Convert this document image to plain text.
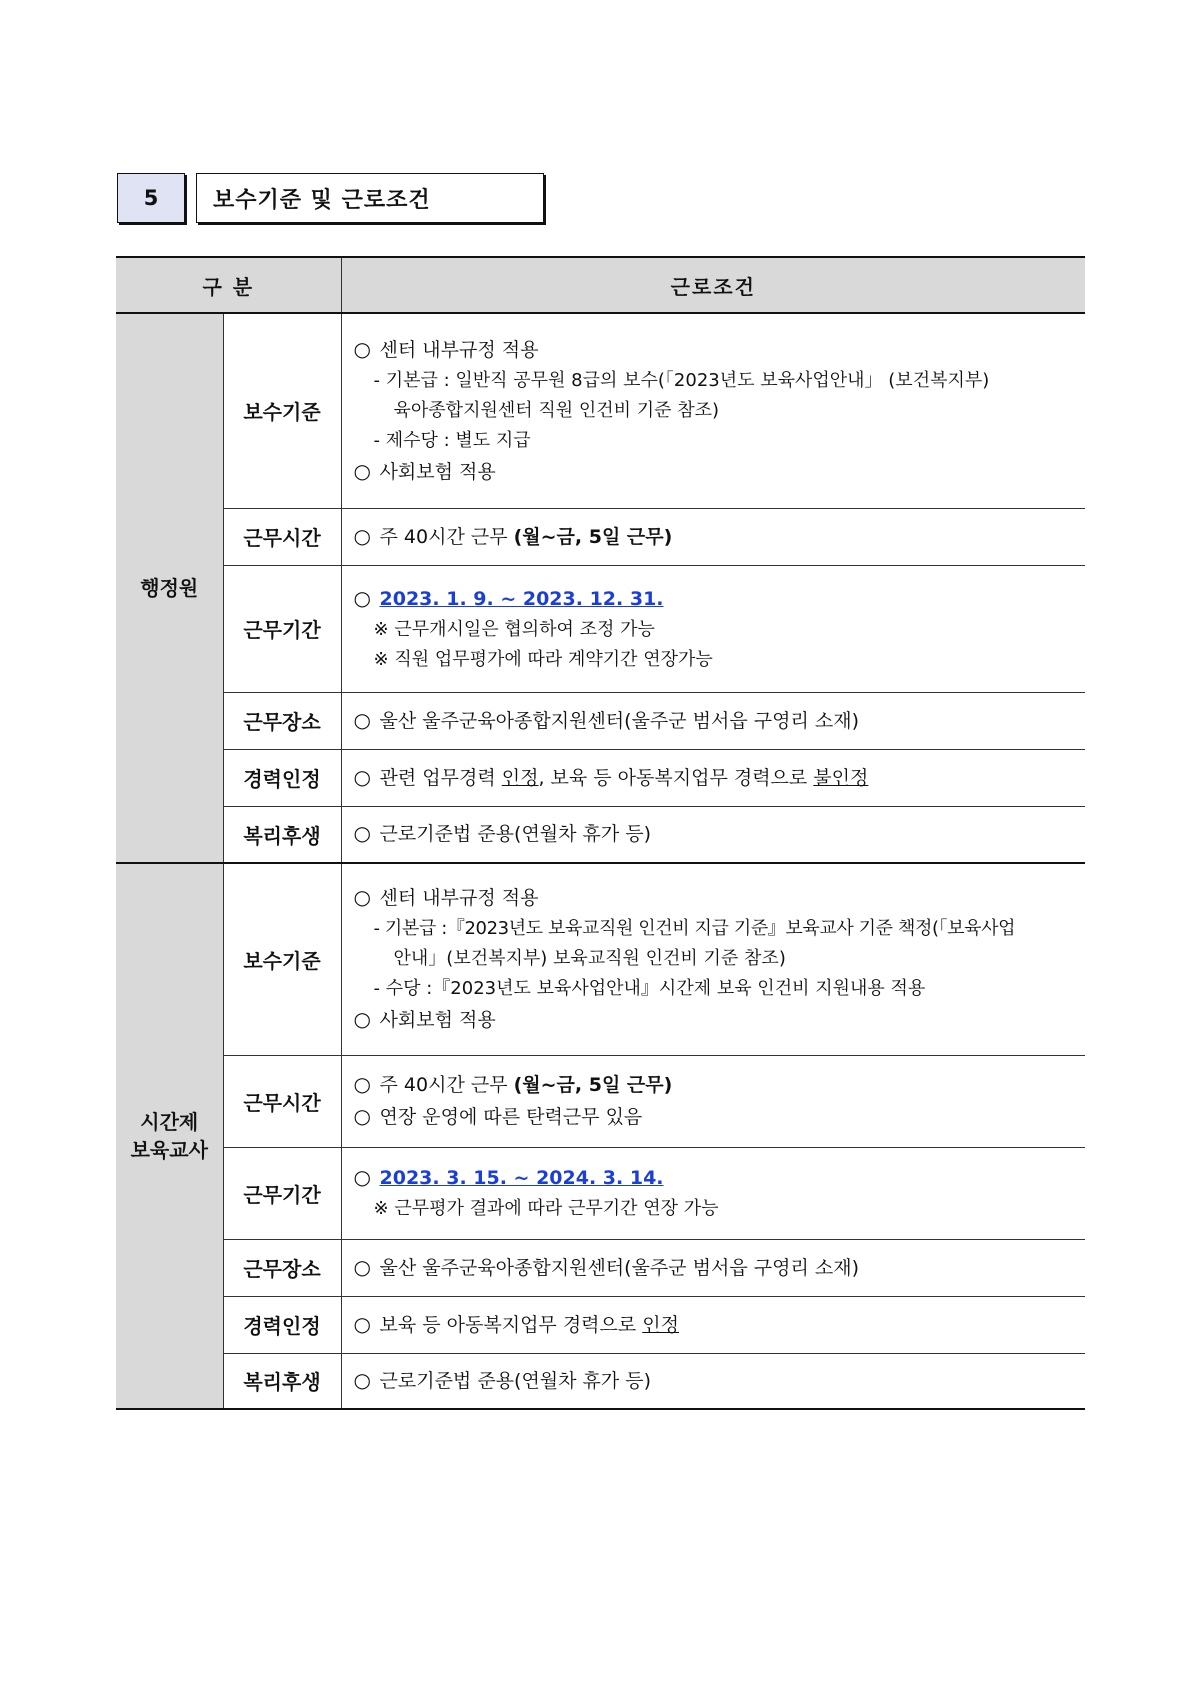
5	보수기준 및 근로조건
구 분		근로조건
행정원	보수기준	○ 센터 내부규정 적용
- 기본급 : 일반직 공무원 8급의 보수(「2023년도 보육사업안내」 (보건복지부)
육아종합지원센터 직원 인건비 기준 참조)
- 제수당 : 별도 지급
○ 사회보험 적용

	근무시간	○ 주 40시간 근무 (월~금, 5일 근무)

	근무기간	○ 2023. 1. 9. ~ 2023. 12. 31.
※ 근무개시일은 협의하여 조정 가능
※ 직원 업무평가에 따라 계약기간 연장가능

	근무장소	○ 울산 울주군육아종합지원센터(울주군 범서읍 구영리 소재)

	경력인정	○ 관련 업무경력 인정, 보육 등 아동복지업무 경력으로 불인정

	복리후생	○ 근로기준법 준용(연월차 휴가 등)

시간제
보육교사	보수기준	○ 센터 내부규정 적용
- 기본급 :『2023년도 보육교직원 인건비 지급 기준』보육교사 기준 책정(「보육사업
안내」(보건복지부) 보육교직원 인건비 기준 참조)
- 수당 :『2023년도 보육사업안내』시간제 보육 인건비 지원내용 적용
○ 사회보험 적용

	근무시간	○ 주 40시간 근무 (월~금, 5일 근무)
○ 연장 운영에 따른 탄력근무 있음

	근무기간	○ 2023. 3. 15. ~ 2024. 3. 14.
※ 근무평가 결과에 따라 근무기간 연장 가능

	근무장소	○ 울산 울주군육아종합지원센터(울주군 범서읍 구영리 소재)

	경력인정	○ 보육 등 아동복지업무 경력으로 인정

	복리후생	○ 근로기준법 준용(연월차 휴가 등)
